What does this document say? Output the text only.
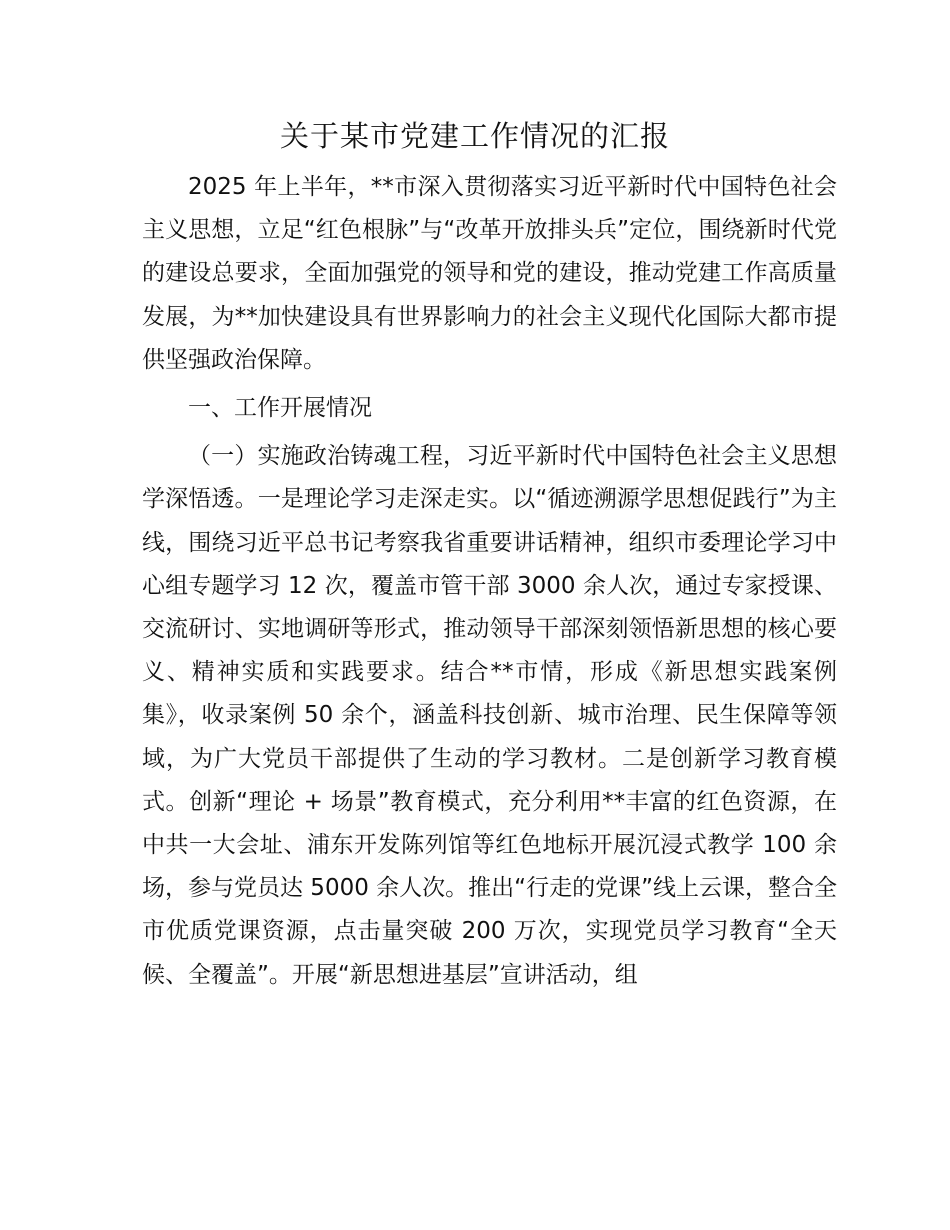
关于某市党建工作情况的汇报

2025 年上半年，**市深入贯彻落实习近平新时代中国特色社会主义思想，立足“红色根脉”与“改革开放排头兵”定位，围绕新时代党的建设总要求，全面加强党的领导和党的建设，推动党建工作高质量发展，为**加快建设具有世界影响力的社会主义现代化国际大都市提供坚强政治保障。

一、工作开展情况

（一）实施政治铸魂工程，习近平新时代中国特色社会主义思想学深悟透。一是理论学习走深走实。以“循迹溯源学思想促践行”为主线，围绕习近平总书记考察我省重要讲话精神，组织市委理论学习中心组专题学习 12 次，覆盖市管干部 3000 余人次，通过专家授课、交流研讨、实地调研等形式，推动领导干部深刻领悟新思想的核心要义、精神实质和实践要求。结合**市情，形成《新思想实践案例集》，收录案例 50 余个，涵盖科技创新、城市治理、民生保障等领域，为广大党员干部提供了生动的学习教材。二是创新学习教育模式。创新“理论 + 场景”教育模式，充分利用**丰富的红色资源，在中共一大会址、浦东开发陈列馆等红色地标开展沉浸式教学 100 余场，参与党员达 5000 余人次。推出“行走的党课”线上云课，整合全市优质党课资源，点击量突破 200 万次，实现党员学习教育“全天候、全覆盖”。开展“新思想进基层”宣讲活动，组
